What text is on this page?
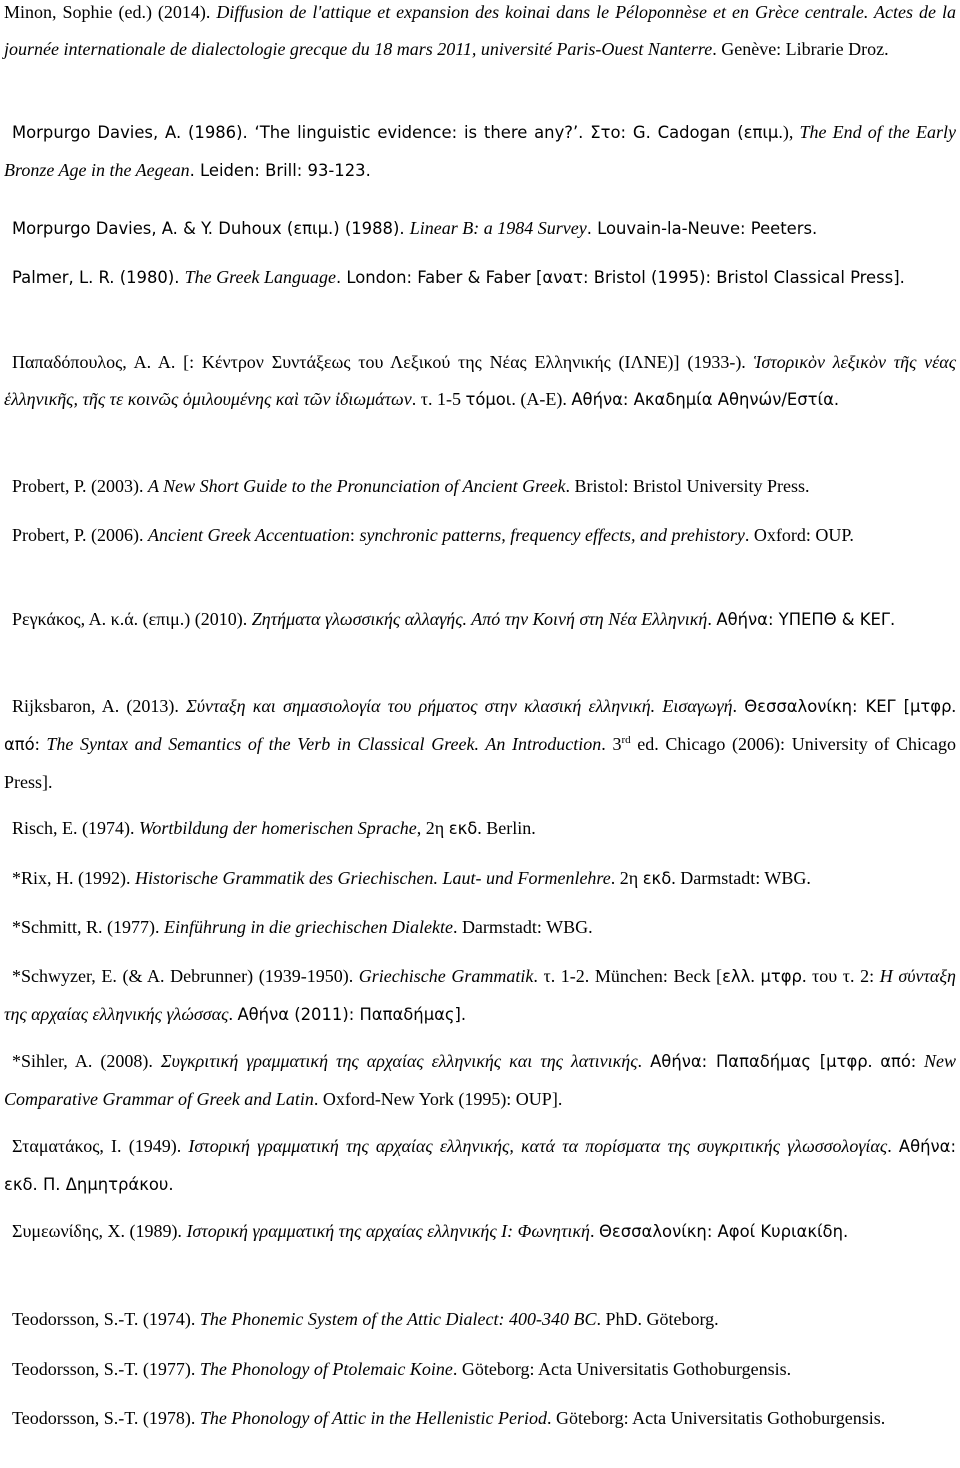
Minon, Sophie (ed.) (2014). Diffusion de l'attique et expansion des koinai dans le Péloponnèse et en Grèce centrale. Actes de la journée internationale de dialectologie grecque du 18 mars 2011, université Paris-Ouest Nanterre. Genève: Librarie Droz.

Morpurgo Davies, A. (1986). ‘The linguistic evidence: is there any?’. Στο: G. Cadogan (επιμ.), The End of the Early Bronze Age in the Aegean. Leiden: Brill: 93-123.

Morpurgo Davies, A. & Y. Duhoux (επιμ.) (1988). Linear B: a 1984 Survey. Louvain-la-Neuve: Peeters.

Palmer, L. R. (1980). The Greek Language. London: Faber & Faber [ανατ: Bristol (1995): Bristol Classical Press].

Παπαδόπουλος, Α. Α. [: Κέντρον Συντάξεως του Λεξικού της Νέας Ελληνικής (ΙΛΝΕ)] (1933-). Ἱστορικὸν λεξικὸν τῆς νέας ἑλληνικῆς, τῆς τε κοινῶς ὁμιλουμένης καὶ τῶν ἰδιωμάτων. τ. 1-5 τόμοι. (Α-Ε). Αθήνα: Ακαδημία Αθηνών/Εστία.

Probert, P. (2003). A New Short Guide to the Pronunciation of Ancient Greek. Bristol: Bristol University Press.

Probert, P. (2006). Ancient Greek Accentuation: synchronic patterns, frequency effects, and prehistory. Oxford: OUP.

Ρεγκάκος, Α. κ.ά. (επιμ.) (2010). Ζητήματα γλωσσικής αλλαγής. Από την Κοινή στη Νέα Ελληνική. Αθήνα: ΥΠΕΠΘ & ΚΕΓ.

Rijksbaron, A. (2013). Σύνταξη και σημασιολογία του ρήματος στην κλασική ελληνική. Εισαγωγή. Θεσσαλονίκη: ΚΕΓ [μτφρ. από: The Syntax and Semantics of the Verb in Classical Greek. An Introduction. 3rd ed. Chicago (2006): University of Chicago Press].

Risch, E. (1974). Wortbildung der homerischen Sprache, 2η εκδ. Berlin.

*Rix, H. (1992). Historische Grammatik des Griechischen. Laut- und Formenlehre. 2η εκδ. Darmstadt: WBG.

*Schmitt, R. (1977). Einführung in die griechischen Dialekte. Darmstadt: WBG.

*Schwyzer, E. (& A. Debrunner) (1939-1950). Griechische Grammatik. τ. 1-2. München: Beck [ελλ. μτφρ. του τ. 2: Η σύνταξη της αρχαίας ελληνικής γλώσσας. Αθήνα (2011): Παπαδήμας].

*Sihler, A. (2008). Συγκριτική γραμματική της αρχαίας ελληνικής και της λατινικής. Αθήνα: Παπαδήμας [μτφρ. από: New Comparative Grammar of Greek and Latin. Oxford-New York (1995): OUP].

Σταματάκος, Ι. (1949). Ιστορική γραμματική της αρχαίας ελληνικής, κατά τα πορίσματα της συγκριτικής γλωσσολογίας. Αθήνα: εκδ. Π. Δημητράκου.

Συμεωνίδης, Χ. (1989). Ιστορική γραμματική της αρχαίας ελληνικής Ι: Φωνητική. Θεσσαλονίκη: Αφοί Κυριακίδη.

Teodorsson, S.-T. (1974). The Phonemic System of the Attic Dialect: 400-340 BC. PhD. Göteborg.

Teodorsson, S.-T. (1977). The Phonology of Ptolemaic Koine. Göteborg: Acta Universitatis Gothoburgensis.

Teodorsson, S.-T. (1978). The Phonology of Attic in the Hellenistic Period. Göteborg: Acta Universitatis Gothoburgensis.
